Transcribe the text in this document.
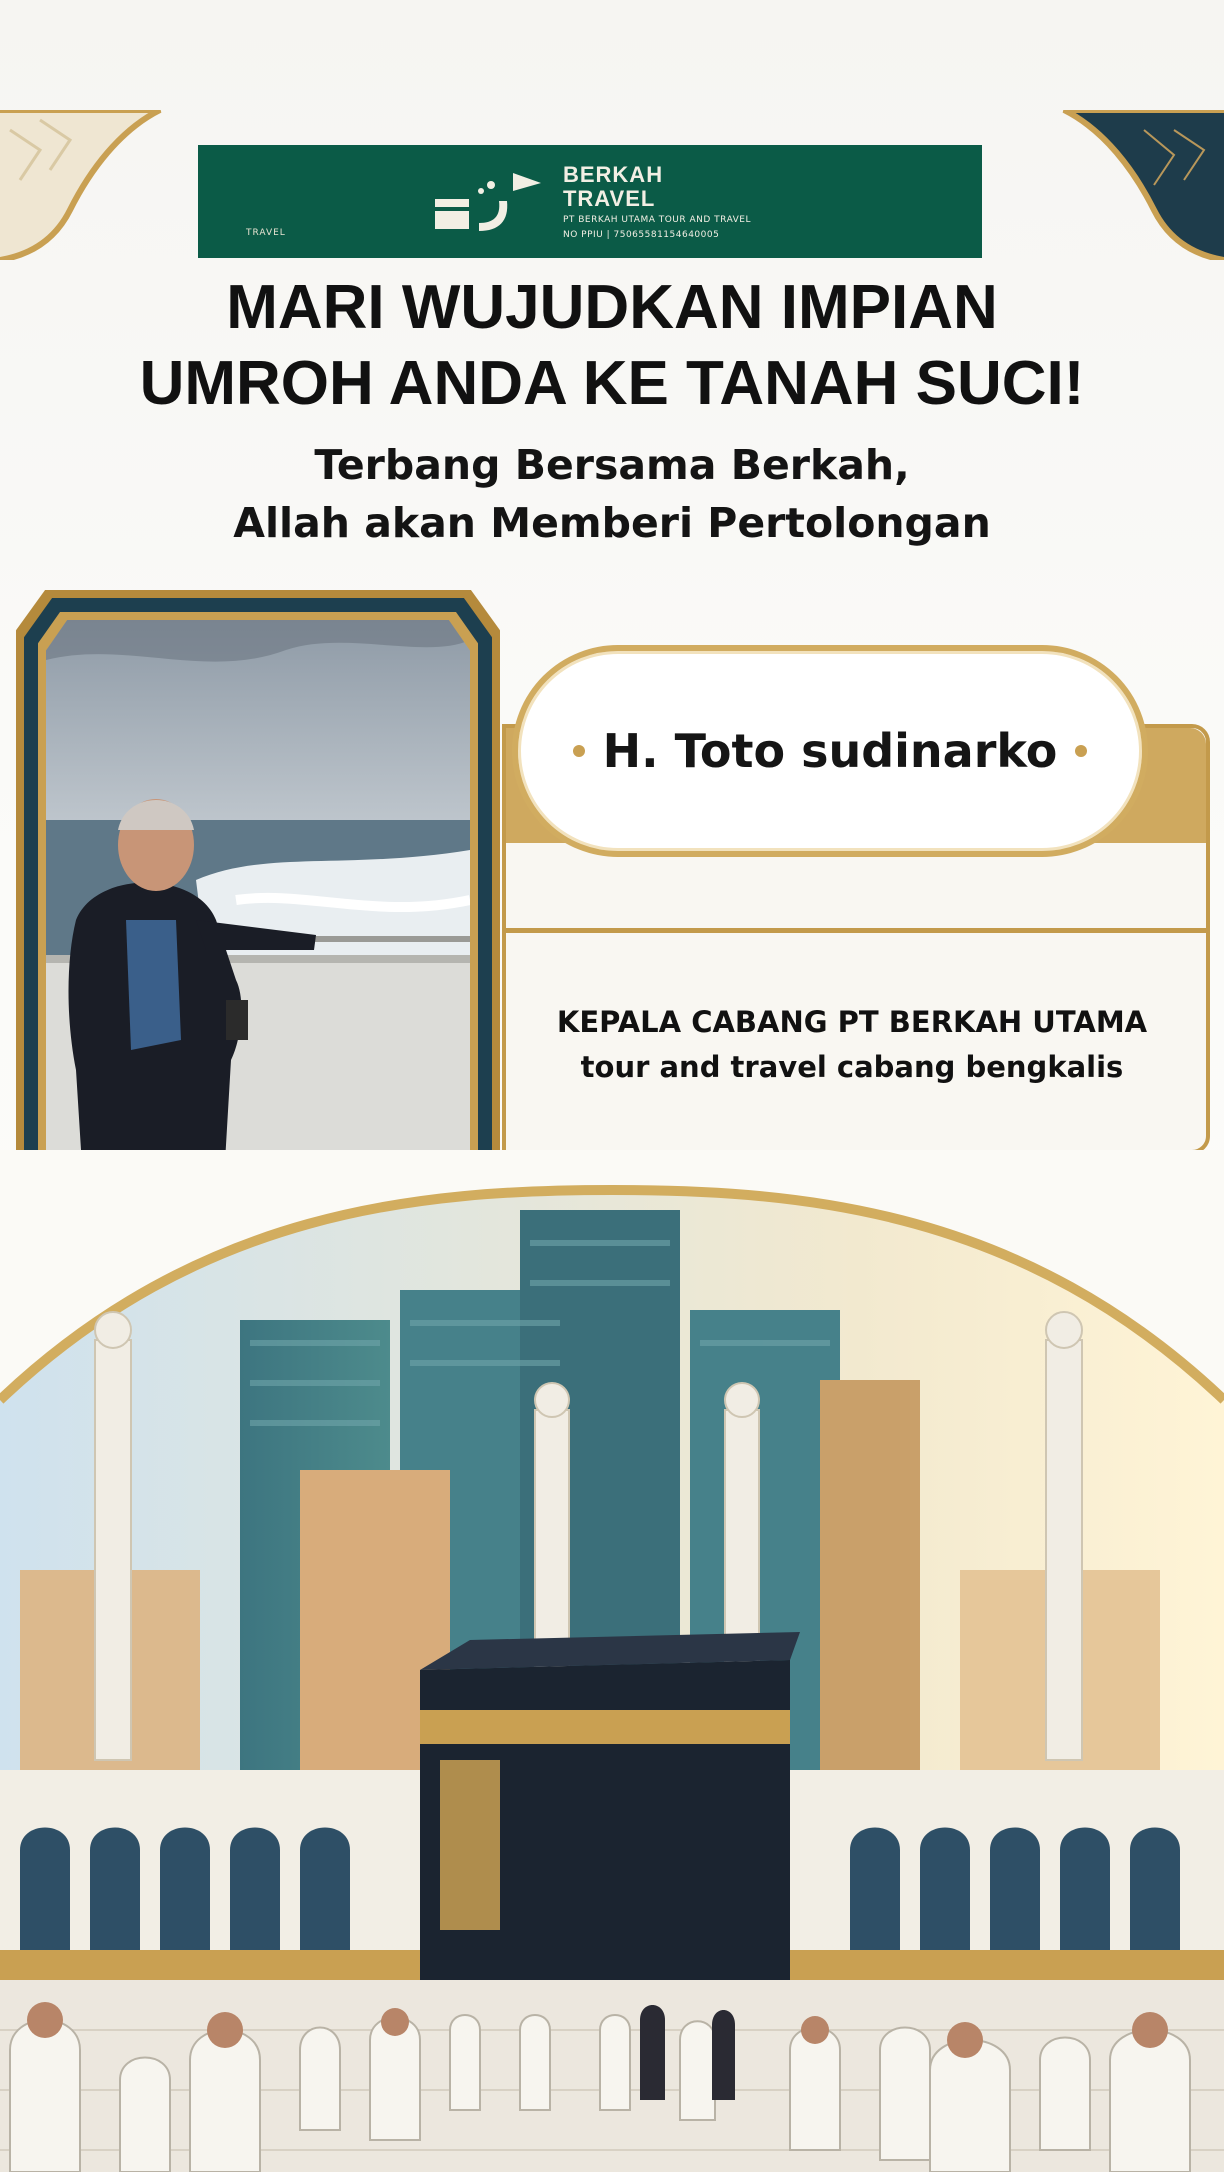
BERKAH
TRAVEL
PT BERKAH UTAMA TOUR AND TRAVEL
NO PPIU | 75065581154640005
TRAVEL
MARI WUJUDKAN IMPIAN
UMROH ANDA KE TANAH SUCI!
Terbang Bersama Berkah,
Allah akan Memberi Pertolongan
H. Toto sudinarko
KEPALA CABANG PT BERKAH UTAMA
tour and travel cabang bengkalis
